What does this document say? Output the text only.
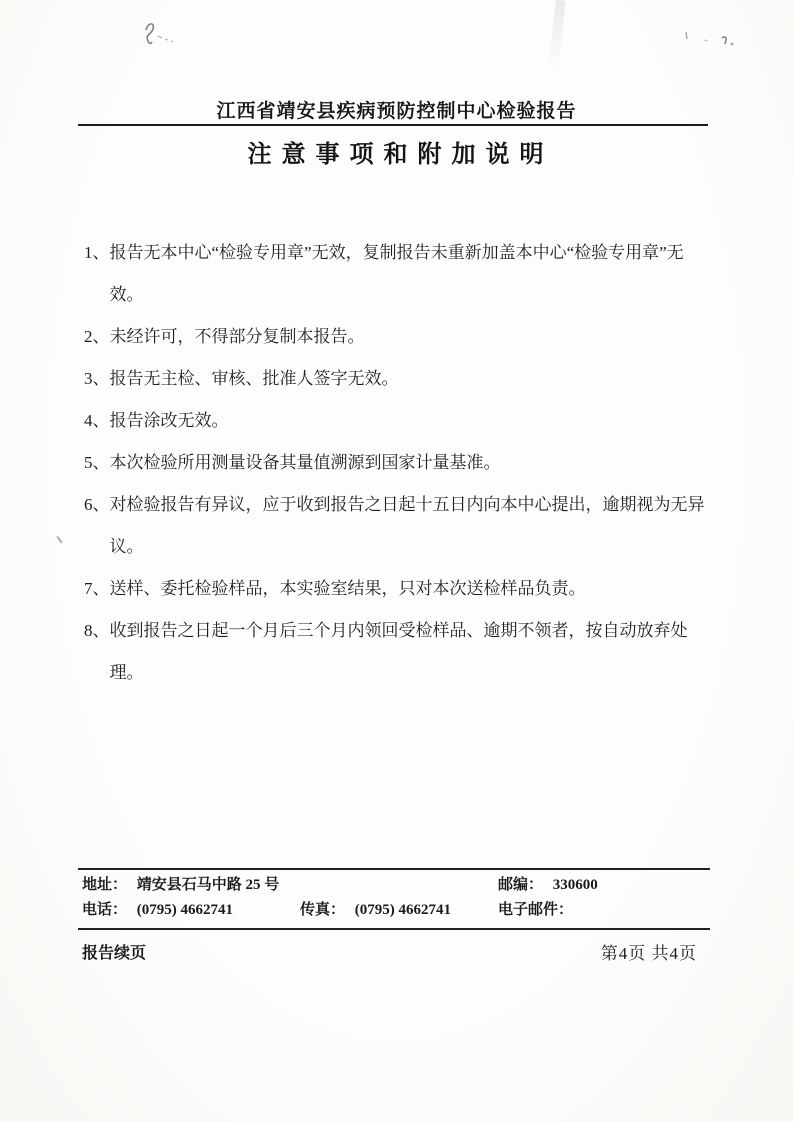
江西省靖安县疾病预防控制中心检验报告
注 意 事 项 和 附 加 说 明
1、 报告无本中心“检验专用章”无效，复制报告未重新加盖本中心“检验专用章”无效。
2、 未经许可，不得部分复制本报告。
3、 报告无主检、审核、批准人签字无效。
4、 报告涂改无效。
5、 本次检验所用测量设备其量值溯源到国家计量基准。
6、 对检验报告有异议，应于收到报告之日起十五日内向本中心提出，逾期视为无异议。
7、 送样、委托检验样品，本实验室结果，只对本次送检样品负责。
8、 收到报告之日起一个月后三个月内领回受检样品、逾期不领者，按自动放弃处理。
地址： 靖安县石马中路 25 号	邮编： 330600
电话： (0795) 4662741	传真： (0795) 4662741	电子邮件：
报告续页	第4页 共4页
